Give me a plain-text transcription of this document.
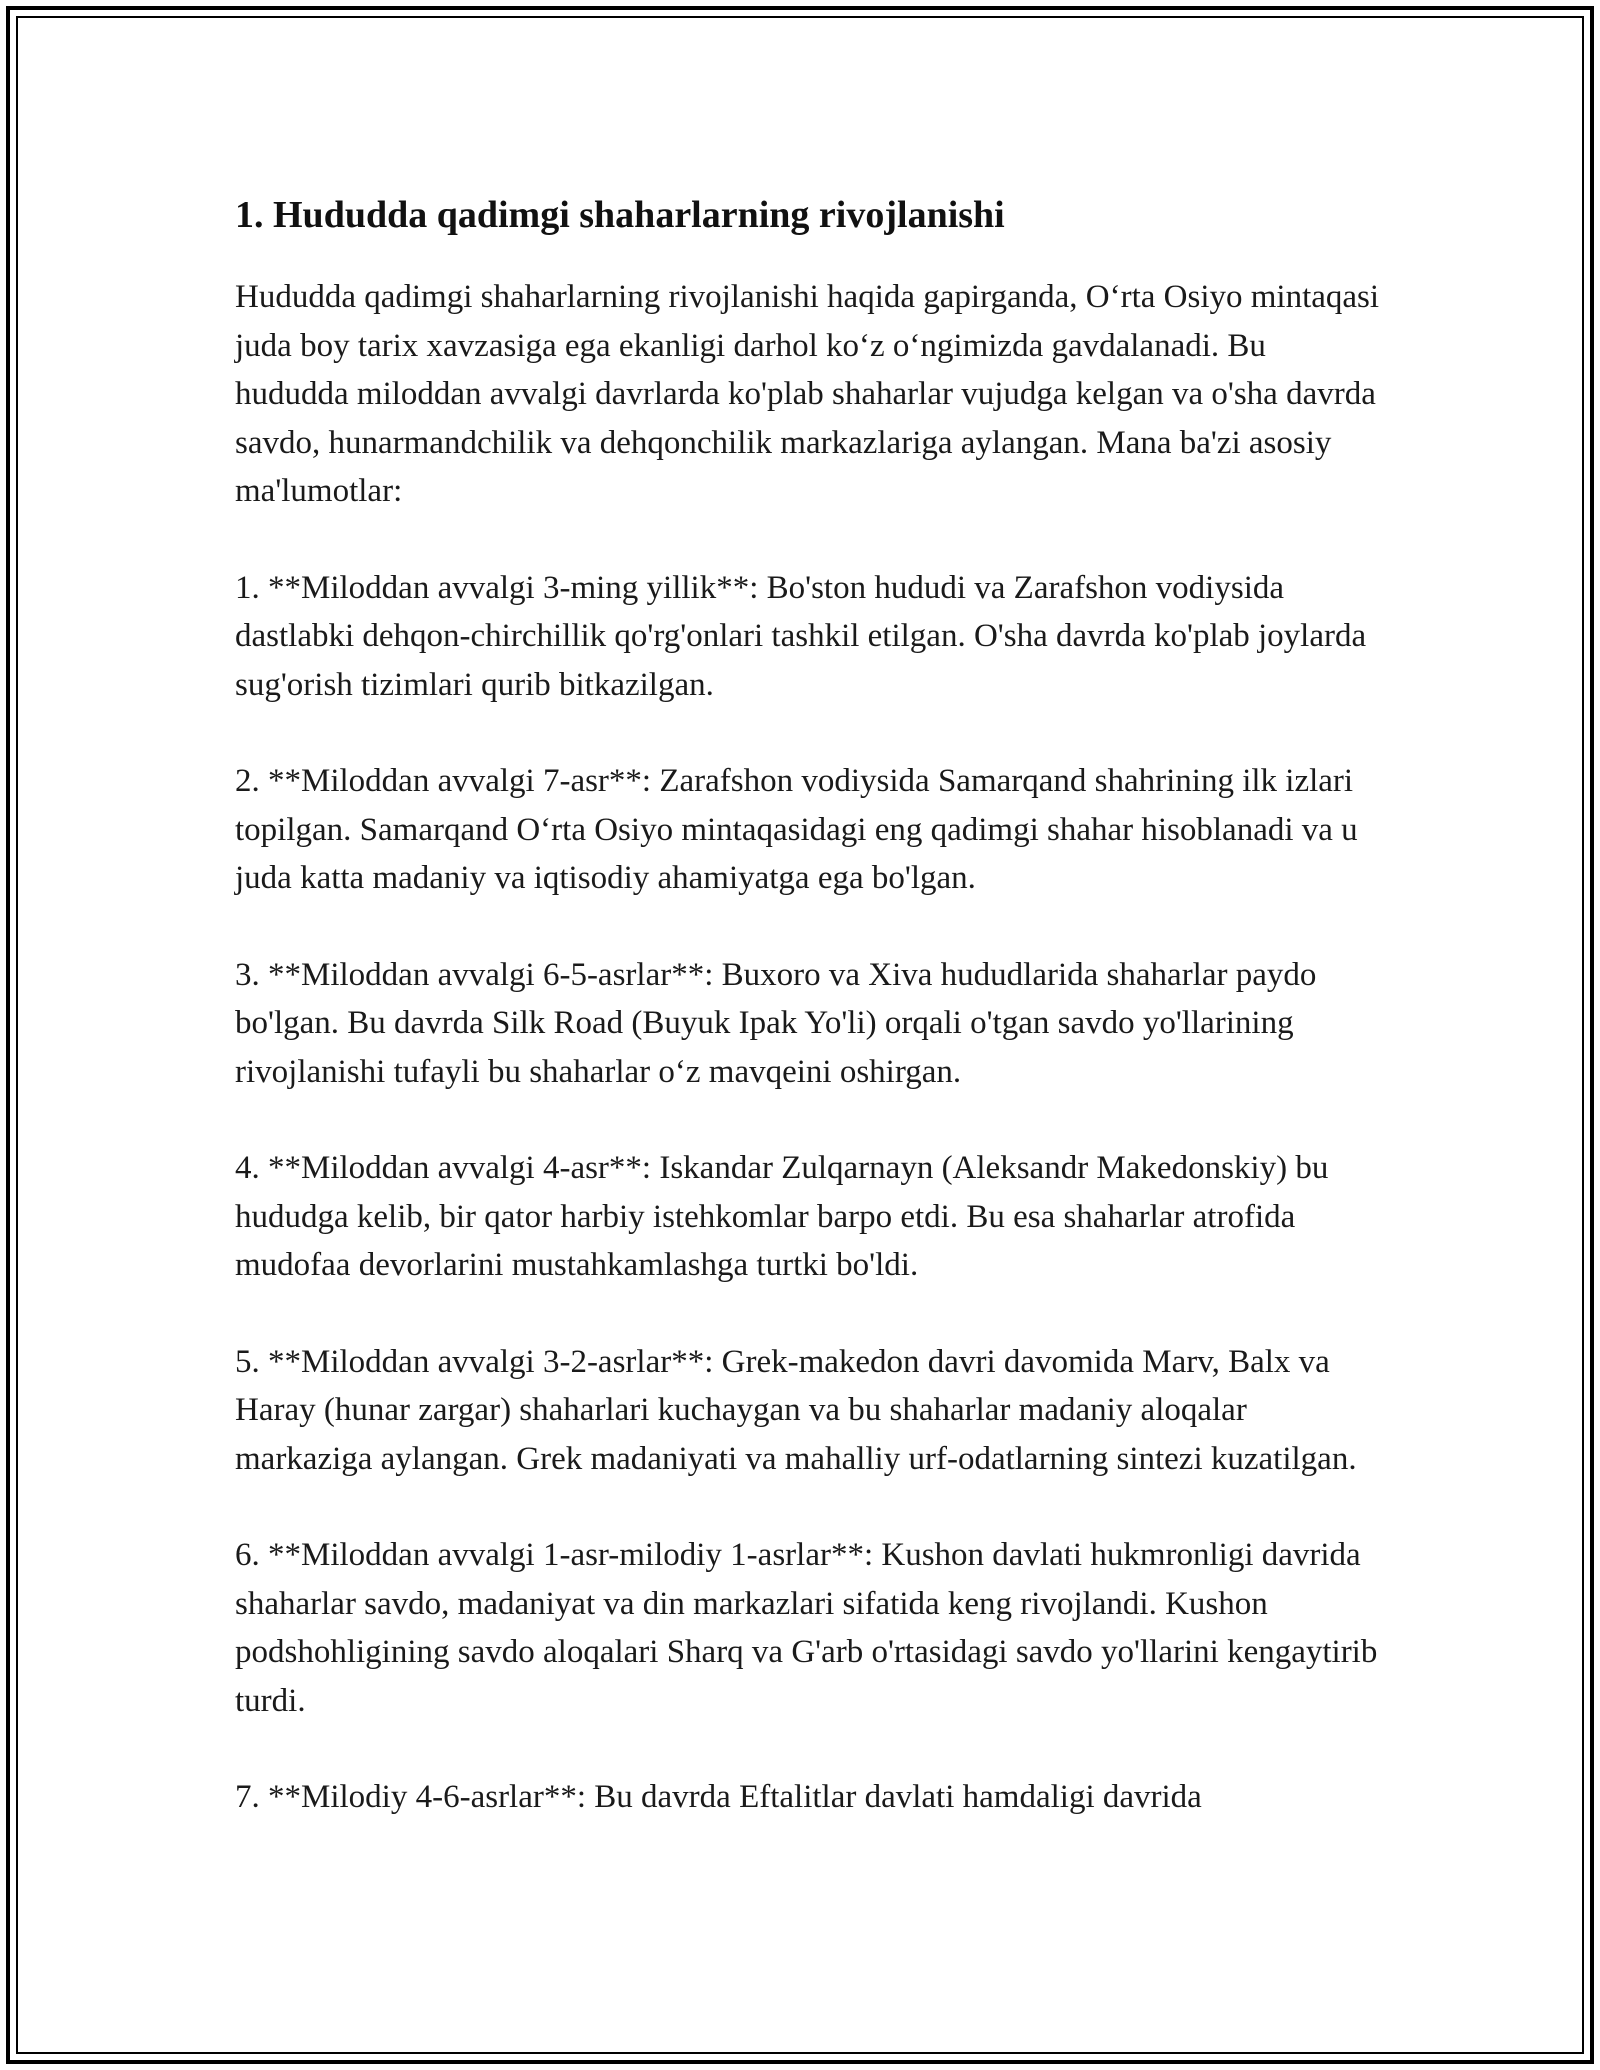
1. Hududda qadimgi shaharlarning rivojlanishi

Hududda qadimgi shaharlarning rivojlanishi haqida gapirganda, O‘rta Osiyo mintaqasi juda boy tarix xavzasiga ega ekanligi darhol ko‘z o‘ngimizda gavdalanadi. Bu hududda miloddan avvalgi davrlarda ko'plab shaharlar vujudga kelgan va o'sha davrda savdo, hunarmandchilik va dehqonchilik markazlariga aylangan. Mana ba'zi asosiy ma'lumotlar:

1. **Miloddan avvalgi 3-ming yillik**: Bo'ston hududi va Zarafshon vodiysida dastlabki dehqon-chirchillik qo'rg'onlari tashkil etilgan. O'sha davrda ko'plab joylarda sug'orish tizimlari qurib bitkazilgan.

2. **Miloddan avvalgi 7-asr**: Zarafshon vodiysida Samarqand shahrining ilk izlari topilgan. Samarqand O‘rta Osiyo mintaqasidagi eng qadimgi shahar hisoblanadi va u juda katta madaniy va iqtisodiy ahamiyatga ega bo'lgan.

3. **Miloddan avvalgi 6-5-asrlar**: Buxoro va Xiva hududlarida shaharlar paydo bo'lgan. Bu davrda Silk Road (Buyuk Ipak Yo'li) orqali o'tgan savdo yo'llarining rivojlanishi tufayli bu shaharlar o‘z mavqeini oshirgan.

4. **Miloddan avvalgi 4-asr**: Iskandar Zulqarnayn (Aleksandr Makedonskiy) bu hududga kelib, bir qator harbiy istehkomlar barpo etdi. Bu esa shaharlar atrofida mudofaa devorlarini mustahkamlashga turtki bo'ldi.

5. **Miloddan avvalgi 3-2-asrlar**: Grek-makedon davri davomida Marv, Balx va Haray (hunar zargar) shaharlari kuchaygan va bu shaharlar madaniy aloqalar markaziga aylangan. Grek madaniyati va mahalliy urf-odatlarning sintezi kuzatilgan.

6. **Miloddan avvalgi 1-asr-milodiy 1-asrlar**: Kushon davlati hukmronligi davrida shaharlar savdo, madaniyat va din markazlari sifatida keng rivojlandi. Kushon podshohligining savdo aloqalari Sharq va G'arb o'rtasidagi savdo yo'llarini kengaytirib turdi.

7. **Milodiy 4-6-asrlar**: Bu davrda Eftalitlar davlati hamdaligi davrida
